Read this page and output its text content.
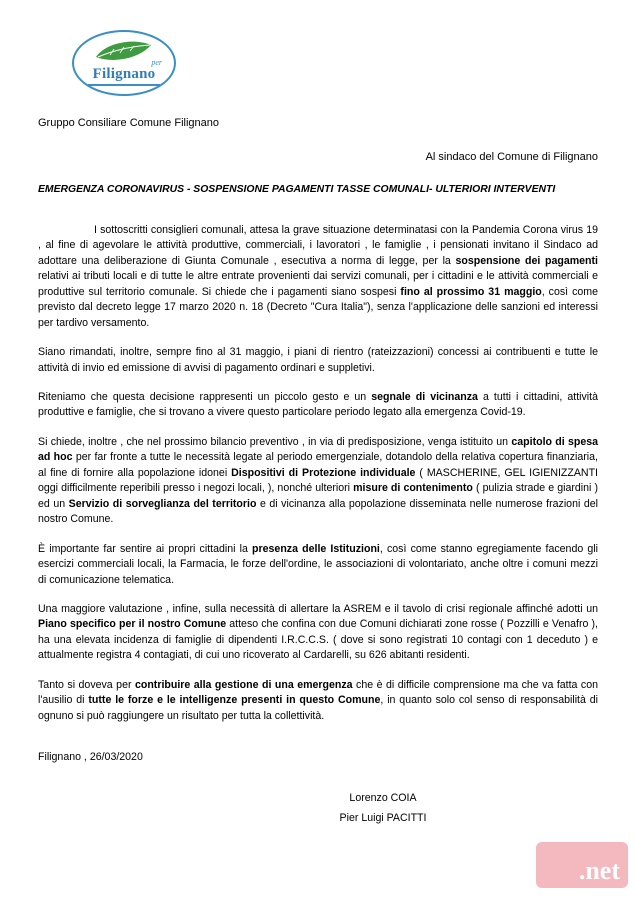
per
Filignano
Gruppo Consiliare Comune Filignano
Al sindaco del Comune di Filignano
EMERGENZA CORONAVIRUS - SOSPENSIONE PAGAMENTI TASSE COMUNALI- ULTERIORI INTERVENTI

I sottoscritti consiglieri comunali, attesa la grave situazione determinatasi con la Pandemia Corona virus 19 , al fine di agevolare le attività produttive, commerciali, i lavoratori , le famiglie , i pensionati invitano il Sindaco ad adottare una deliberazione di Giunta Comunale , esecutiva a norma di legge, per la sospensione dei pagamenti relativi ai tributi locali e di tutte le altre entrate provenienti dai servizi comunali, per i cittadini e le attività commerciali e produttive sul territorio comunale. Si chiede che i pagamenti siano sospesi fino al prossimo 31 maggio, così come previsto dal decreto legge 17 marzo 2020 n. 18 (Decreto "Cura Italia"), senza l'applicazione delle sanzioni ed interessi per tardivo versamento.

Siano rimandati, inoltre, sempre fino al 31 maggio, i piani di rientro (rateizzazioni) concessi ai contribuenti e tutte le attività di invio ed emissione di avvisi di pagamento ordinari e suppletivi.

Riteniamo che questa decisione rappresenti un piccolo gesto e un segnale di vicinanza a tutti i cittadini, attività produttive e famiglie, che si trovano a vivere questo particolare periodo legato alla emergenza Covid-19.

Si chiede, inoltre , che nel prossimo bilancio preventivo , in via di predisposizione, venga istituito un capitolo di spesa ad hoc per far fronte a tutte le necessità legate al periodo emergenziale, dotandolo della relativa copertura finanziaria, al fine di fornire alla popolazione idonei Dispositivi di Protezione individuale ( MASCHERINE, GEL IGIENIZZANTI oggi difficilmente reperibili presso i negozi locali, ), nonché ulteriori misure di contenimento ( pulizia strade e giardini ) ed un Servizio di sorveglianza del territorio e di vicinanza alla popolazione disseminata nelle numerose frazioni del nostro Comune.

È importante far sentire ai propri cittadini la presenza delle Istituzioni, così come stanno egregiamente facendo gli esercizi commerciali locali, la Farmacia, le forze dell'ordine, le associazioni di volontariato, anche oltre i comuni mezzi di comunicazione telematica.

Una maggiore valutazione , infine, sulla necessità di allertare la ASREM e il tavolo di crisi regionale affinché adotti un Piano specifico per il nostro Comune atteso che confina con due Comuni dichiarati zone rosse ( Pozzilli e Venafro ), ha una elevata incidenza di famiglie di dipendenti I.R.C.C.S. ( dove si sono registrati 10 contagi con 1 deceduto ) e attualmente registra 4 contagiati, di cui uno ricoverato al Cardarelli, su 626 abitanti residenti.

Tanto si doveva per contribuire alla gestione di una emergenza che è di difficile comprensione ma che va fatta con l'ausilio di tutte le forze e le intelligenze presenti in questo Comune, in quanto solo col senso di responsabilità di ognuno si può raggiungere un risultato per tutta la collettività.

Filignano , 26/03/2020
Lorenzo COIA
Pier Luigi PACITTI
.net
